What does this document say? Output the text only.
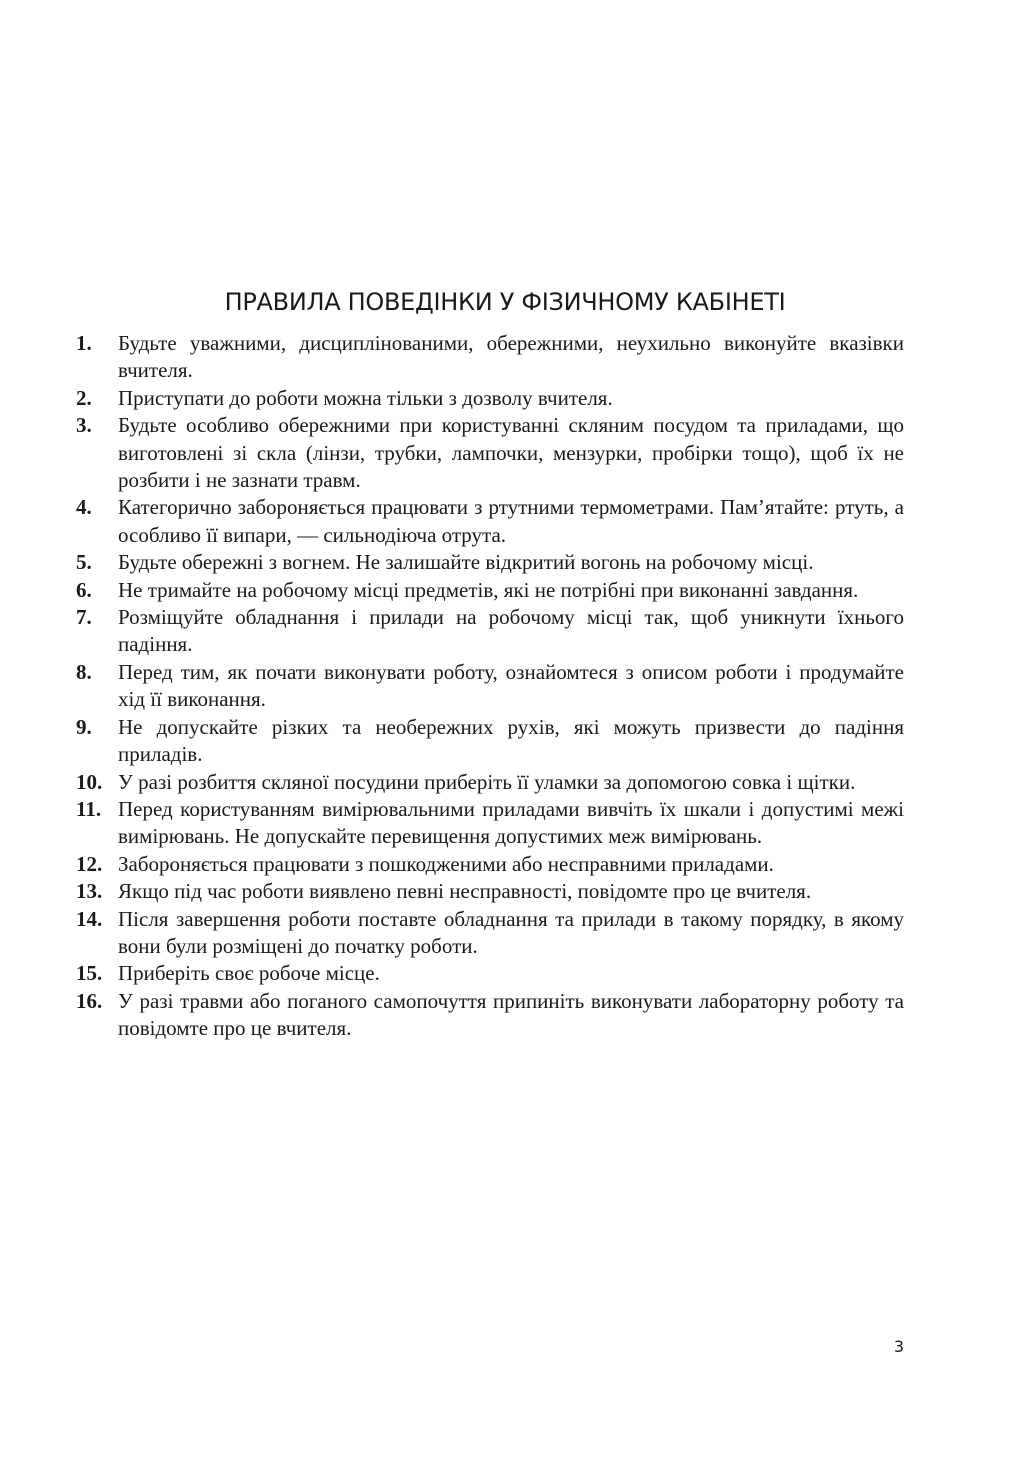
ПРАВИЛА ПОВЕДІНКИ У ФІЗИЧНОМУ КАБІНЕТІ
1. Будьте уважними, дисциплінованими, обережними, неухильно виконуйте вказівки вчителя.
2. Приступати до роботи можна тільки з дозволу вчителя.
3. Будьте особливо обережними при користуванні скляним посудом та приладами, що виготовлені зі скла (лінзи, трубки, лампочки, мензурки, пробірки тощо), щоб їх не розбити і не зазнати травм.
4. Категорично забороняється працювати з ртутними термометрами. Пам’ятайте: ртуть, а особливо її випари, — сильнодіюча отрута.
5. Будьте обережні з вогнем. Не залишайте відкритий вогонь на робочому місці.
6. Не тримайте на робочому місці предметів, які не потрібні при виконанні завдання.
7. Розміщуйте обладнання і прилади на робочому місці так, щоб уникнути їхнього падіння.
8. Перед тим, як почати виконувати роботу, ознайомтеся з описом роботи і продумайте хід її виконання.
9. Не допускайте різких та необережних рухів, які можуть призвести до падіння приладів.
10. У разі розбиття скляної посудини приберіть її уламки за допомогою совка і щітки.
11. Перед користуванням вимірювальними приладами вивчіть їх шкали і допустимі межі вимірювань. Не допускайте перевищення допустимих меж вимірювань.
12. Забороняється працювати з пошкодженими або несправними приладами.
13. Якщо під час роботи виявлено певні несправності, повідомте про це вчителя.
14. Після завершення роботи поставте обладнання та прилади в такому порядку, в якому вони були розміщені до початку роботи.
15. Приберіть своє робоче місце.
16. У разі травми або поганого самопочуття припиніть виконувати лабораторну роботу та повідомте про це вчителя.
3
